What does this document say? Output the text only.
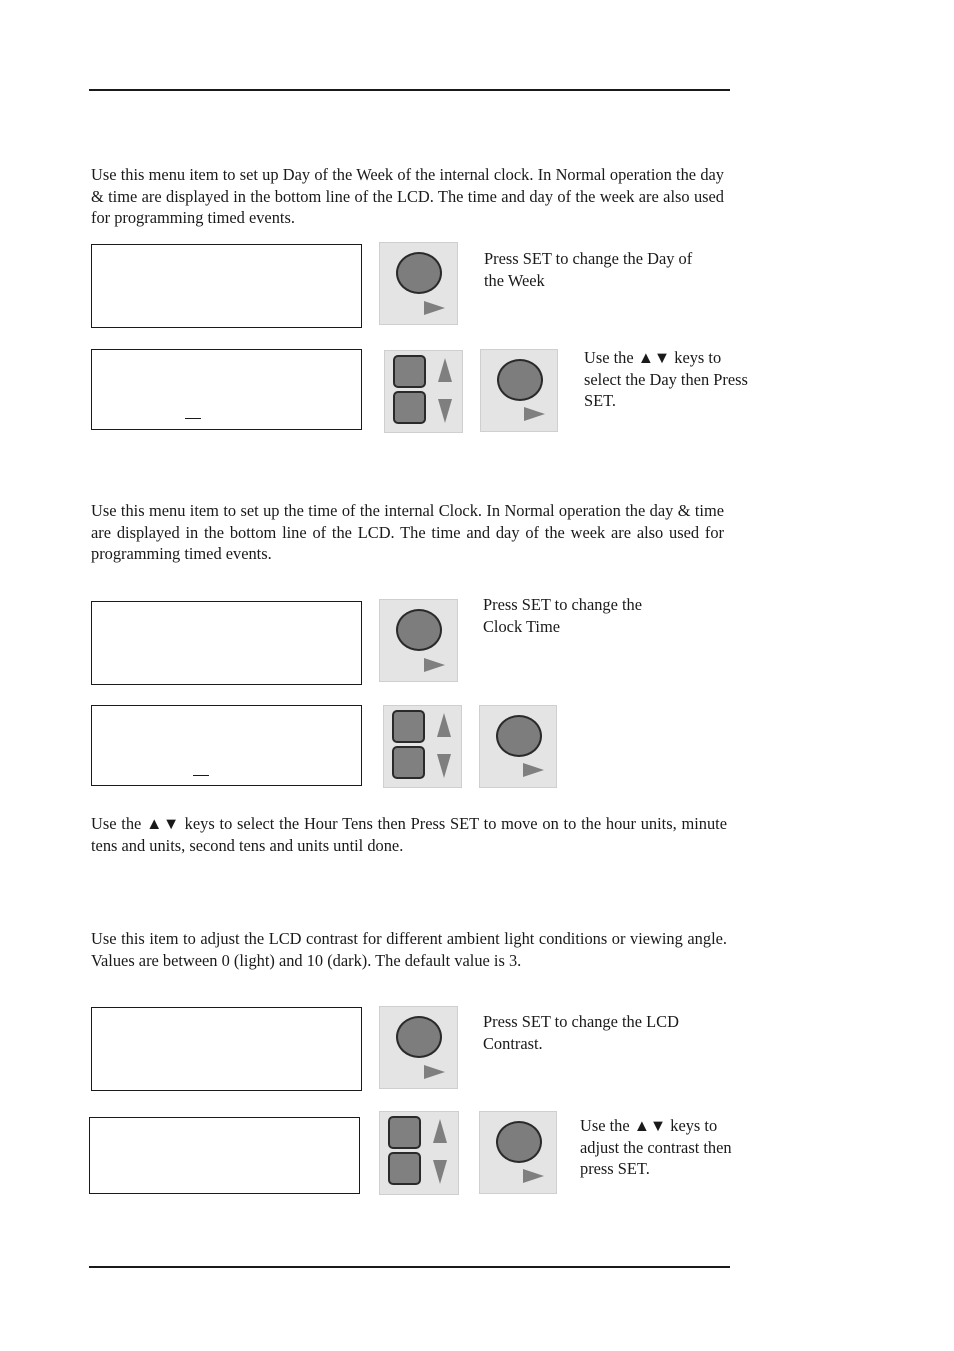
Use this menu item to set up Day of the Week of the internal clock. In Normal operation the day & time are displayed in the bottom line of the LCD. The time and day of the week are also used for programming timed events.

Press SET to change the Day of the Week

Use the ▲▼ keys to select the Day then Press SET.

Use this menu item to set up the time of the internal Clock. In Normal operation the day & time are displayed in the bottom line of the LCD. The time and day of the week are also used for programming timed events.

Press SET to change the Clock Time

Use the ▲▼ keys to select the Hour Tens then Press SET to move on to the hour units, minute tens and units, second tens and units until done.

Use this item to adjust the LCD contrast for different ambient light conditions or viewing angle. Values are between 0 (light) and 10 (dark). The default value is 3.

Press SET to change the LCD Contrast.

Use the ▲▼ keys to adjust the contrast then press SET.
